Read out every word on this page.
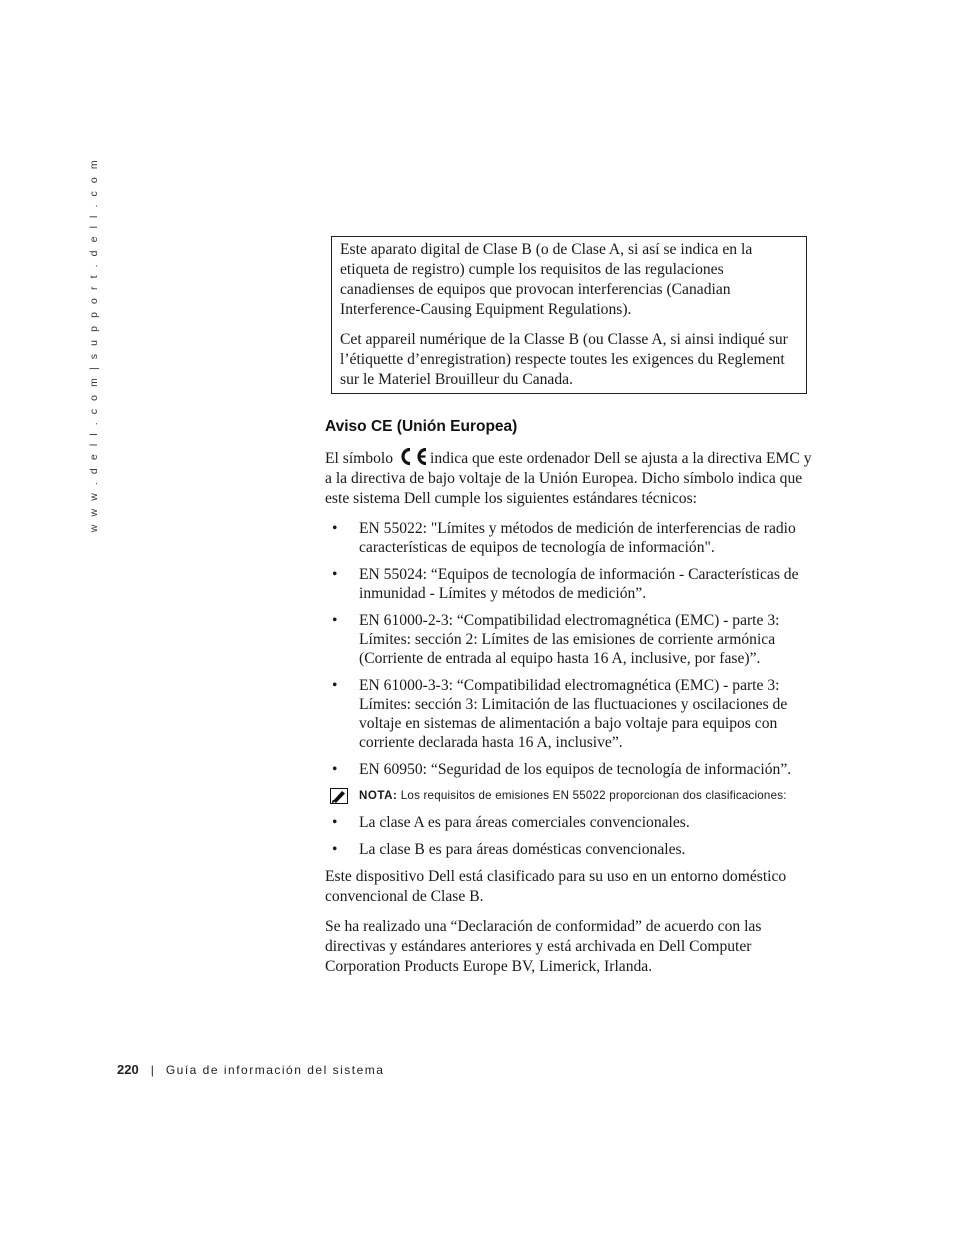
w w w . d e l l . c o m | s u p p o r t . d e l l . c o m	Este aparato digital de Clase B (o de Clase A, si así se indica en la etiqueta de registro) cumple los requisitos de las regulaciones canadienses de equipos que provocan interferencias (Canadian Interference-Causing Equipment Regulations).

Cet appareil numérique de la Classe B (ou Classe A, si ainsi indiqué sur l’étiquette d’enregistration) respecte toutes les exigences du Reglement sur le Materiel Brouilleur du Canada.

Aviso CE (Unión Europea)

El símbolo indica que este ordenador Dell se ajusta a la directiva EMC y a la directiva de bajo voltaje de la Unión Europea. Dicho símbolo indica que este sistema Dell cumple los siguientes estándares técnicos:

• EN 55022: "Límites y métodos de medición de interferencias de radio características de equipos de tecnología de información".
• EN 55024: “Equipos de tecnología de información - Características de inmunidad - Límites y métodos de medición”.
• EN 61000-2-3: “Compatibilidad electromagnética (EMC) - parte 3: Límites: sección 2: Límites de las emisiones de corriente armónica (Corriente de entrada al equipo hasta 16 A, inclusive, por fase)”.
• EN 61000-3-3: “Compatibilidad electromagnética (EMC) - parte 3: Límites: sección 3: Limitación de las fluctuaciones y oscilaciones de voltaje en sistemas de alimentación a bajo voltaje para equipos con corriente declarada hasta 16 A, inclusive”.
• EN 60950: “Seguridad de los equipos de tecnología de información”.
NOTA: Los requisitos de emisiones EN 55022 proporcionan dos clasificaciones:
• La clase A es para áreas comerciales convencionales.
• La clase B es para áreas domésticas convencionales.

Este dispositivo Dell está clasificado para su uso en un entorno doméstico convencional de Clase B.

Se ha realizado una “Declaración de conformidad” de acuerdo con las directivas y estándares anteriores y está archivada en Dell Computer Corporation Products Europe BV, Limerick, Irlanda.

220 | Guía de información del sistema
